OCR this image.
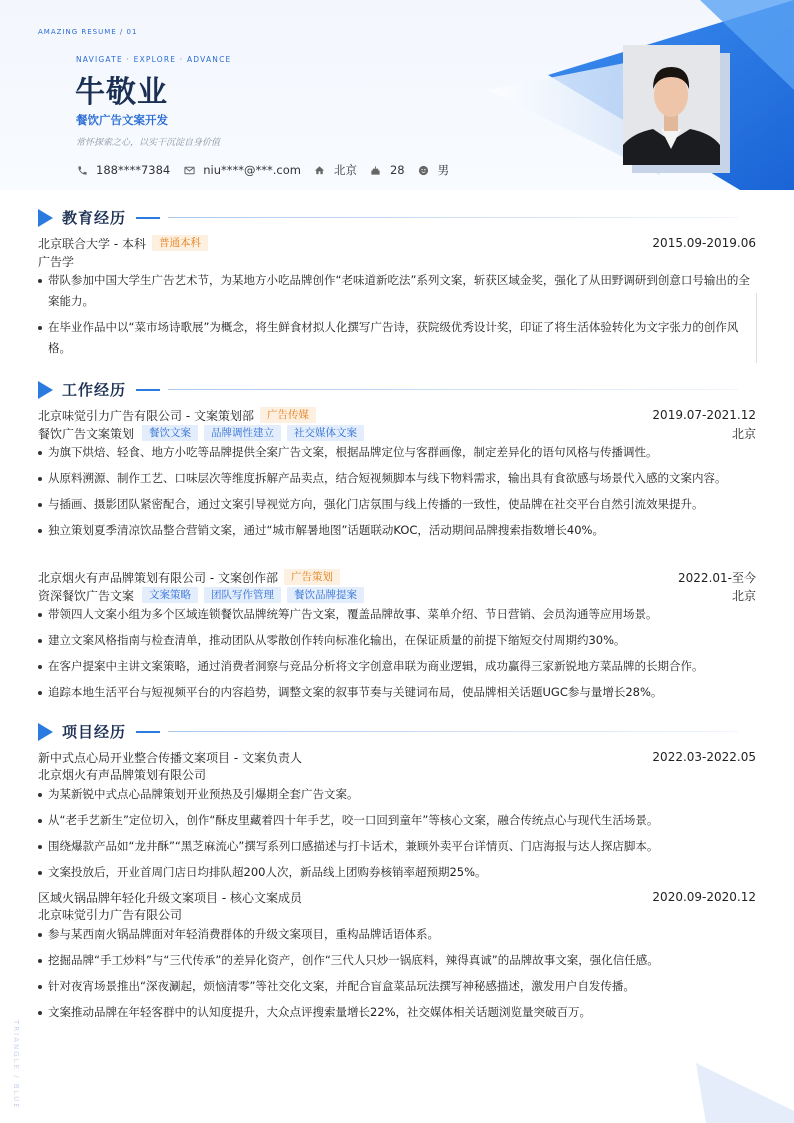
AMAZING RESUME / 01
NAVIGATE · EXPLORE · ADVANCE
牛敬业
餐饮广告文案开发
常怀探索之心，以实干沉淀自身价值
188****7384	niu****@***.com	北京	28	男
教育经历
北京联合大学 - 本科	普通本科	2015.09-2019.06
广告学
带队参加中国大学生广告艺术节，为某地方小吃品牌创作“老味道新吃法”系列文案，斩获区域金奖，强化了从田野调研到创意口号输出的全案能力。
在毕业作品中以“菜市场诗歌展”为概念，将生鲜食材拟人化撰写广告诗，获院级优秀设计奖，印证了将生活体验转化为文字张力的创作风格。
工作经历
北京味觉引力广告有限公司 - 文案策划部	广告传媒	2019.07-2021.12
餐饮广告文案策划	餐饮文案	品牌调性建立	社交媒体文案	北京
为旗下烘焙、轻食、地方小吃等品牌提供全案广告文案，根据品牌定位与客群画像，制定差异化的语句风格与传播调性。
从原料溯源、制作工艺、口味层次等维度拆解产品卖点，结合短视频脚本与线下物料需求，输出具有食欲感与场景代入感的文案内容。
与插画、摄影团队紧密配合，通过文案引导视觉方向，强化门店氛围与线上传播的一致性，使品牌在社交平台自然引流效果提升。
独立策划夏季清凉饮品整合营销文案，通过“城市解暑地图”话题联动KOC，活动期间品牌搜索指数增长40%。
北京烟火有声品牌策划有限公司 - 文案创作部	广告策划	2022.01-至今
资深餐饮广告文案	文案策略	团队写作管理	餐饮品牌提案	北京
带领四人文案小组为多个区域连锁餐饮品牌统筹广告文案，覆盖品牌故事、菜单介绍、节日营销、会员沟通等应用场景。
建立文案风格指南与检查清单，推动团队从零散创作转向标准化输出，在保证质量的前提下缩短交付周期约30%。
在客户提案中主讲文案策略，通过消费者洞察与竞品分析将文字创意串联为商业逻辑，成功赢得三家新锐地方菜品牌的长期合作。
追踪本地生活平台与短视频平台的内容趋势，调整文案的叙事节奏与关键词布局，使品牌相关话题UGC参与量增长28%。
项目经历
新中式点心局开业整合传播文案项目 - 文案负责人	2022.03-2022.05
北京烟火有声品牌策划有限公司
为某新锐中式点心品牌策划开业预热及引爆期全套广告文案。
从“老手艺新生”定位切入，创作“酥皮里藏着四十年手艺，咬一口回到童年”等核心文案，融合传统点心与现代生活场景。
围绕爆款产品如“龙井酥”“黑芝麻流心”撰写系列口感描述与打卡话术，兼顾外卖平台详情页、门店海报与达人探店脚本。
文案投放后，开业首周门店日均排队超200人次，新品线上团购券核销率超预期25%。
区域火锅品牌年轻化升级文案项目 - 核心文案成员	2020.09-2020.12
北京味觉引力广告有限公司
参与某西南火锅品牌面对年轻消费群体的升级文案项目，重构品牌话语体系。
挖掘品牌“手工炒料”与“三代传承”的差异化资产，创作“三代人只炒一锅底料，辣得真诚”的品牌故事文案，强化信任感。
针对夜宵场景推出“深夜涮起，烦恼清零”等社交化文案，并配合盲盒菜品玩法撰写神秘感描述，激发用户自发传播。
文案推动品牌在年轻客群中的认知度提升，大众点评搜索量增长22%，社交媒体相关话题浏览量突破百万。
TRIANGLE / BLUE
